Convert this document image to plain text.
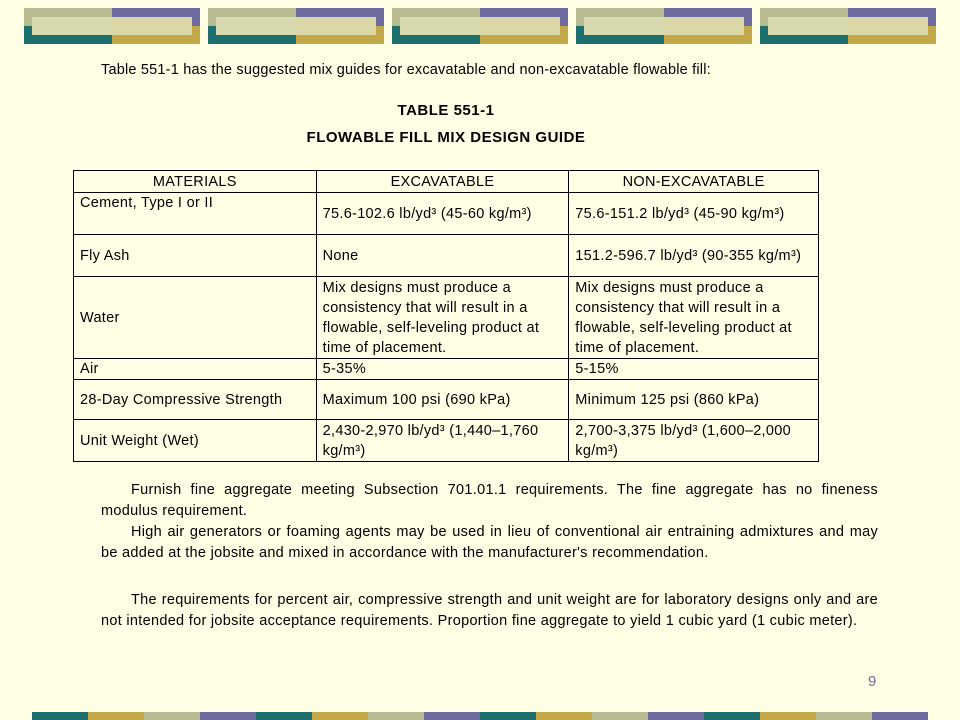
Table 551-1 has the suggested mix guides for excavatable and non-excavatable flowable fill:
TABLE 551-1
FLOWABLE FILL MIX DESIGN GUIDE
MATERIALS	EXCAVATABLE	NON-EXCAVATABLE
Cement, Type I or II	75.6-102.6 lb/yd³ (45-60 kg/m³)	75.6-151.2 lb/yd³ (45-90 kg/m³)
Fly Ash	None	151.2-596.7 lb/yd³ (90-355 kg/m³)
Water	Mix designs must produce a consistency that will result in a flowable, self-leveling product at time of placement.	Mix designs must produce a consistency that will result in a flowable, self-leveling product at time of placement.
Air	5-35%	5-15%
28-Day Compressive Strength	Maximum 100 psi (690 kPa)	Minimum 125 psi (860 kPa)
Unit Weight (Wet)	2,430-2,970 lb/yd³ (1,440–1,760 kg/m³)	2,700-3,375 lb/yd³ (1,600–2,000 kg/m³)
Furnish fine aggregate meeting Subsection 701.01.1 requirements. The fine aggregate has no fineness modulus requirement.
High air generators or foaming agents may be used in lieu of conventional air entraining admixtures and may be added at the jobsite and mixed in accordance with the manufacturer's recommendation.
The requirements for percent air, compressive strength and unit weight are for laboratory designs only and are not intended for jobsite acceptance requirements. Proportion fine aggregate to yield 1 cubic yard (1 cubic meter).
9
